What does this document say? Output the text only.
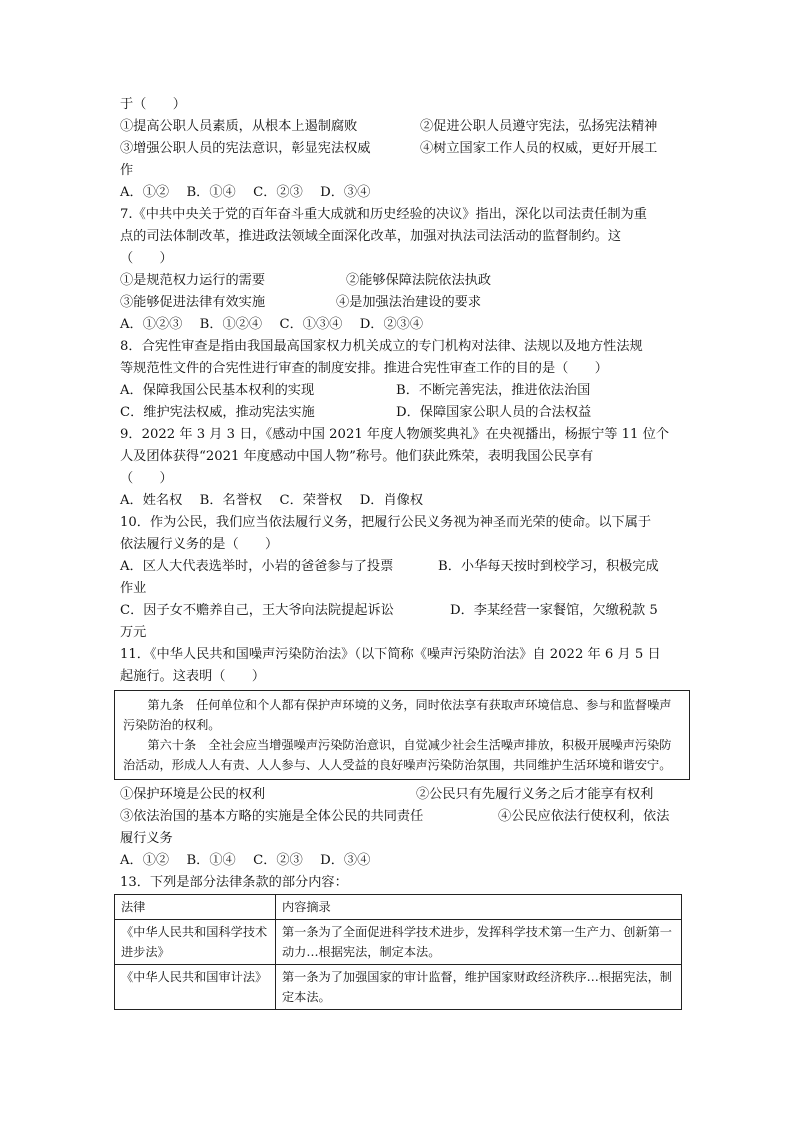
于（　　）
①提高公职人员素质，从根本上遏制腐败	②促进公职人员遵守宪法，弘扬宪法精神
③增强公职人员的宪法意识，彰显宪法权威	④树立国家工作人员的权威，更好开展工
作
A．①②　 B．①④　 C．②③　 D．③④
7.《中共中央关于党的百年奋斗重大成就和历史经验的决议》指出，深化以司法责任制为重
点的司法体制改革，推进政法领域全面深化改革，加强对执法司法活动的监督制约。这
（　　）
①是规范权力运行的需要	②能够保障法院依法执政
③能够促进法律有效实施	④是加强法治建设的要求
A．①②③　 B．①②④　 C．①③④　 D．②③④
8．合宪性审查是指由我国最高国家权力机关成立的专门机构对法律、法规以及地方性法规
等规范性文件的合宪性进行审查的制度安排。推进合宪性审查工作的目的是（　　）
A．保障我国公民基本权利的实现	B．不断完善宪法，推进依法治国
C．维护宪法权威，推动宪法实施	D．保障国家公职人员的合法权益
9．2022 年 3 月 3 日，《感动中国 2021 年度人物颁奖典礼》在央视播出，杨振宁等 11 位个
人及团体获得“2021 年度感动中国人物”称号。他们获此殊荣，表明我国公民享有
（　　）
A．姓名权　 B．名誉权　 C．荣誉权　 D．肖像权
10．作为公民，我们应当依法履行义务，把履行公民义务视为神圣而光荣的使命。以下属于
依法履行义务的是（　　）
A．区人大代表选举时，小岩的爸爸参与了投票	B．小华每天按时到校学习，积极完成
作业
C．因子女不赡养自己，王大爷向法院提起诉讼	D．李某经营一家餐馆，欠缴税款 5
万元
11．《中华人民共和国噪声污染防治法》（以下简称《噪声污染防治法》自 2022 年 6 月 5 日
起施行。这表明（　　）

第九条　任何单位和个人都有保护声环境的义务，同时依法享有获取声环境信息、参与和监督噪声污染防治的权利。

第六十条　全社会应当增强噪声污染防治意识，自觉减少社会生活噪声排放，积极开展噪声污染防治活动，形成人人有责、人人参与、人人受益的良好噪声污染防治氛围，共同维护生活环境和谐安宁。

①保护环境是公民的权利	②公民只有先履行义务之后才能享有权利
③依法治国的基本方略的实施是全体公民的共同责任	④公民应依法行使权利，依法
履行义务
A．①②　 B．①④　 C．②③　 D．③④
13．下列是部分法律条款的部分内容：
法律	内容摘录
《中华人民共和国科学技术进步法》	第一条为了全面促进科学技术进步，发挥科学技术第一生产力、创新第一动力…根据宪法，制定本法。
《中华人民共和国审计法》	第一条为了加强国家的审计监督，维护国家财政经济秩序…根据宪法，制定本法。
